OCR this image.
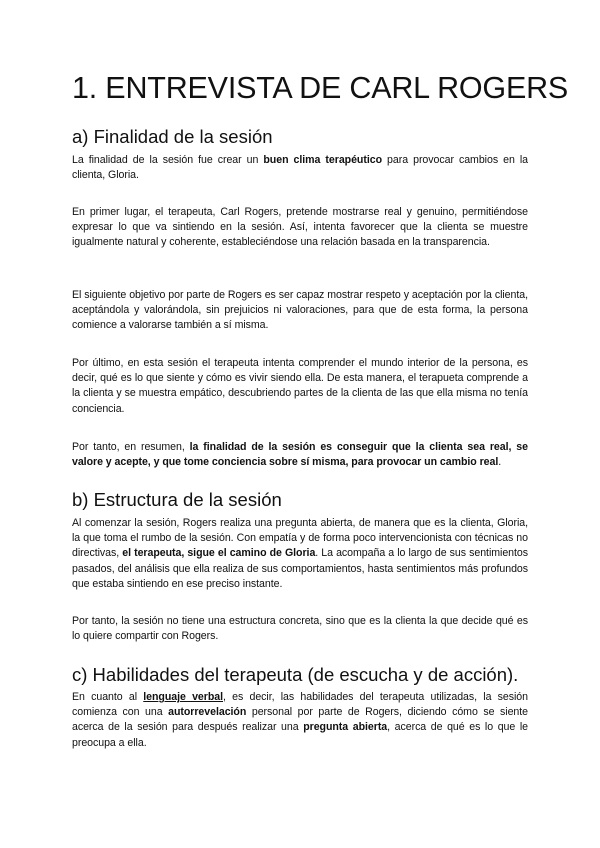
1. ENTREVISTA DE CARL ROGERS
a) Finalidad de la sesión

La finalidad de la sesión fue crear un buen clima terapéutico para provocar cambios en la clienta, Gloria.

En primer lugar, el terapeuta, Carl Rogers, pretende mostrarse real y genuino, permitiéndose expresar lo que va sintiendo en la sesión. Así, intenta favorecer que la clienta se muestre igualmente natural y coherente, estableciéndose una relación basada en la transparencia.

El siguiente objetivo por parte de Rogers es ser capaz mostrar respeto y aceptación por la clienta, aceptándola y valorándola, sin prejuicios ni valoraciones, para que de esta forma, la persona comience a valorarse también a sí misma.

Por último, en esta sesión el terapeuta intenta comprender el mundo interior de la persona, es decir, qué es lo que siente y cómo es vivir siendo ella. De esta manera, el terapueta comprende a la clienta y se muestra empático, descubriendo partes de la clienta de las que ella misma no tenía conciencia.

Por tanto, en resumen, la finalidad de la sesión es conseguir que la clienta sea real, se valore y acepte, y que tome conciencia sobre sí misma, para provocar un cambio real.

b) Estructura de la sesión

Al comenzar la sesión, Rogers realiza una pregunta abierta, de manera que es la clienta, Gloria, la que toma el rumbo de la sesión. Con empatía y de forma poco intervencionista con técnicas no directivas, el terapeuta, sigue el camino de Gloria. La acompaña a lo largo de sus sentimientos pasados, del análisis que ella realiza de sus comportamientos, hasta sentimientos más profundos que estaba sintiendo en ese preciso instante.

Por tanto, la sesión no tiene una estructura concreta, sino que es la clienta la que decide qué es lo quiere compartir con Rogers.

c) Habilidades del terapeuta (de escucha y de acción).

En cuanto al lenguaje verbal, es decir, las habilidades del terapeuta utilizadas, la sesión comienza con una autorrevelación personal por parte de Rogers, diciendo cómo se siente acerca de la sesión para después realizar una pregunta abierta, acerca de qué es lo que le preocupa a ella.
